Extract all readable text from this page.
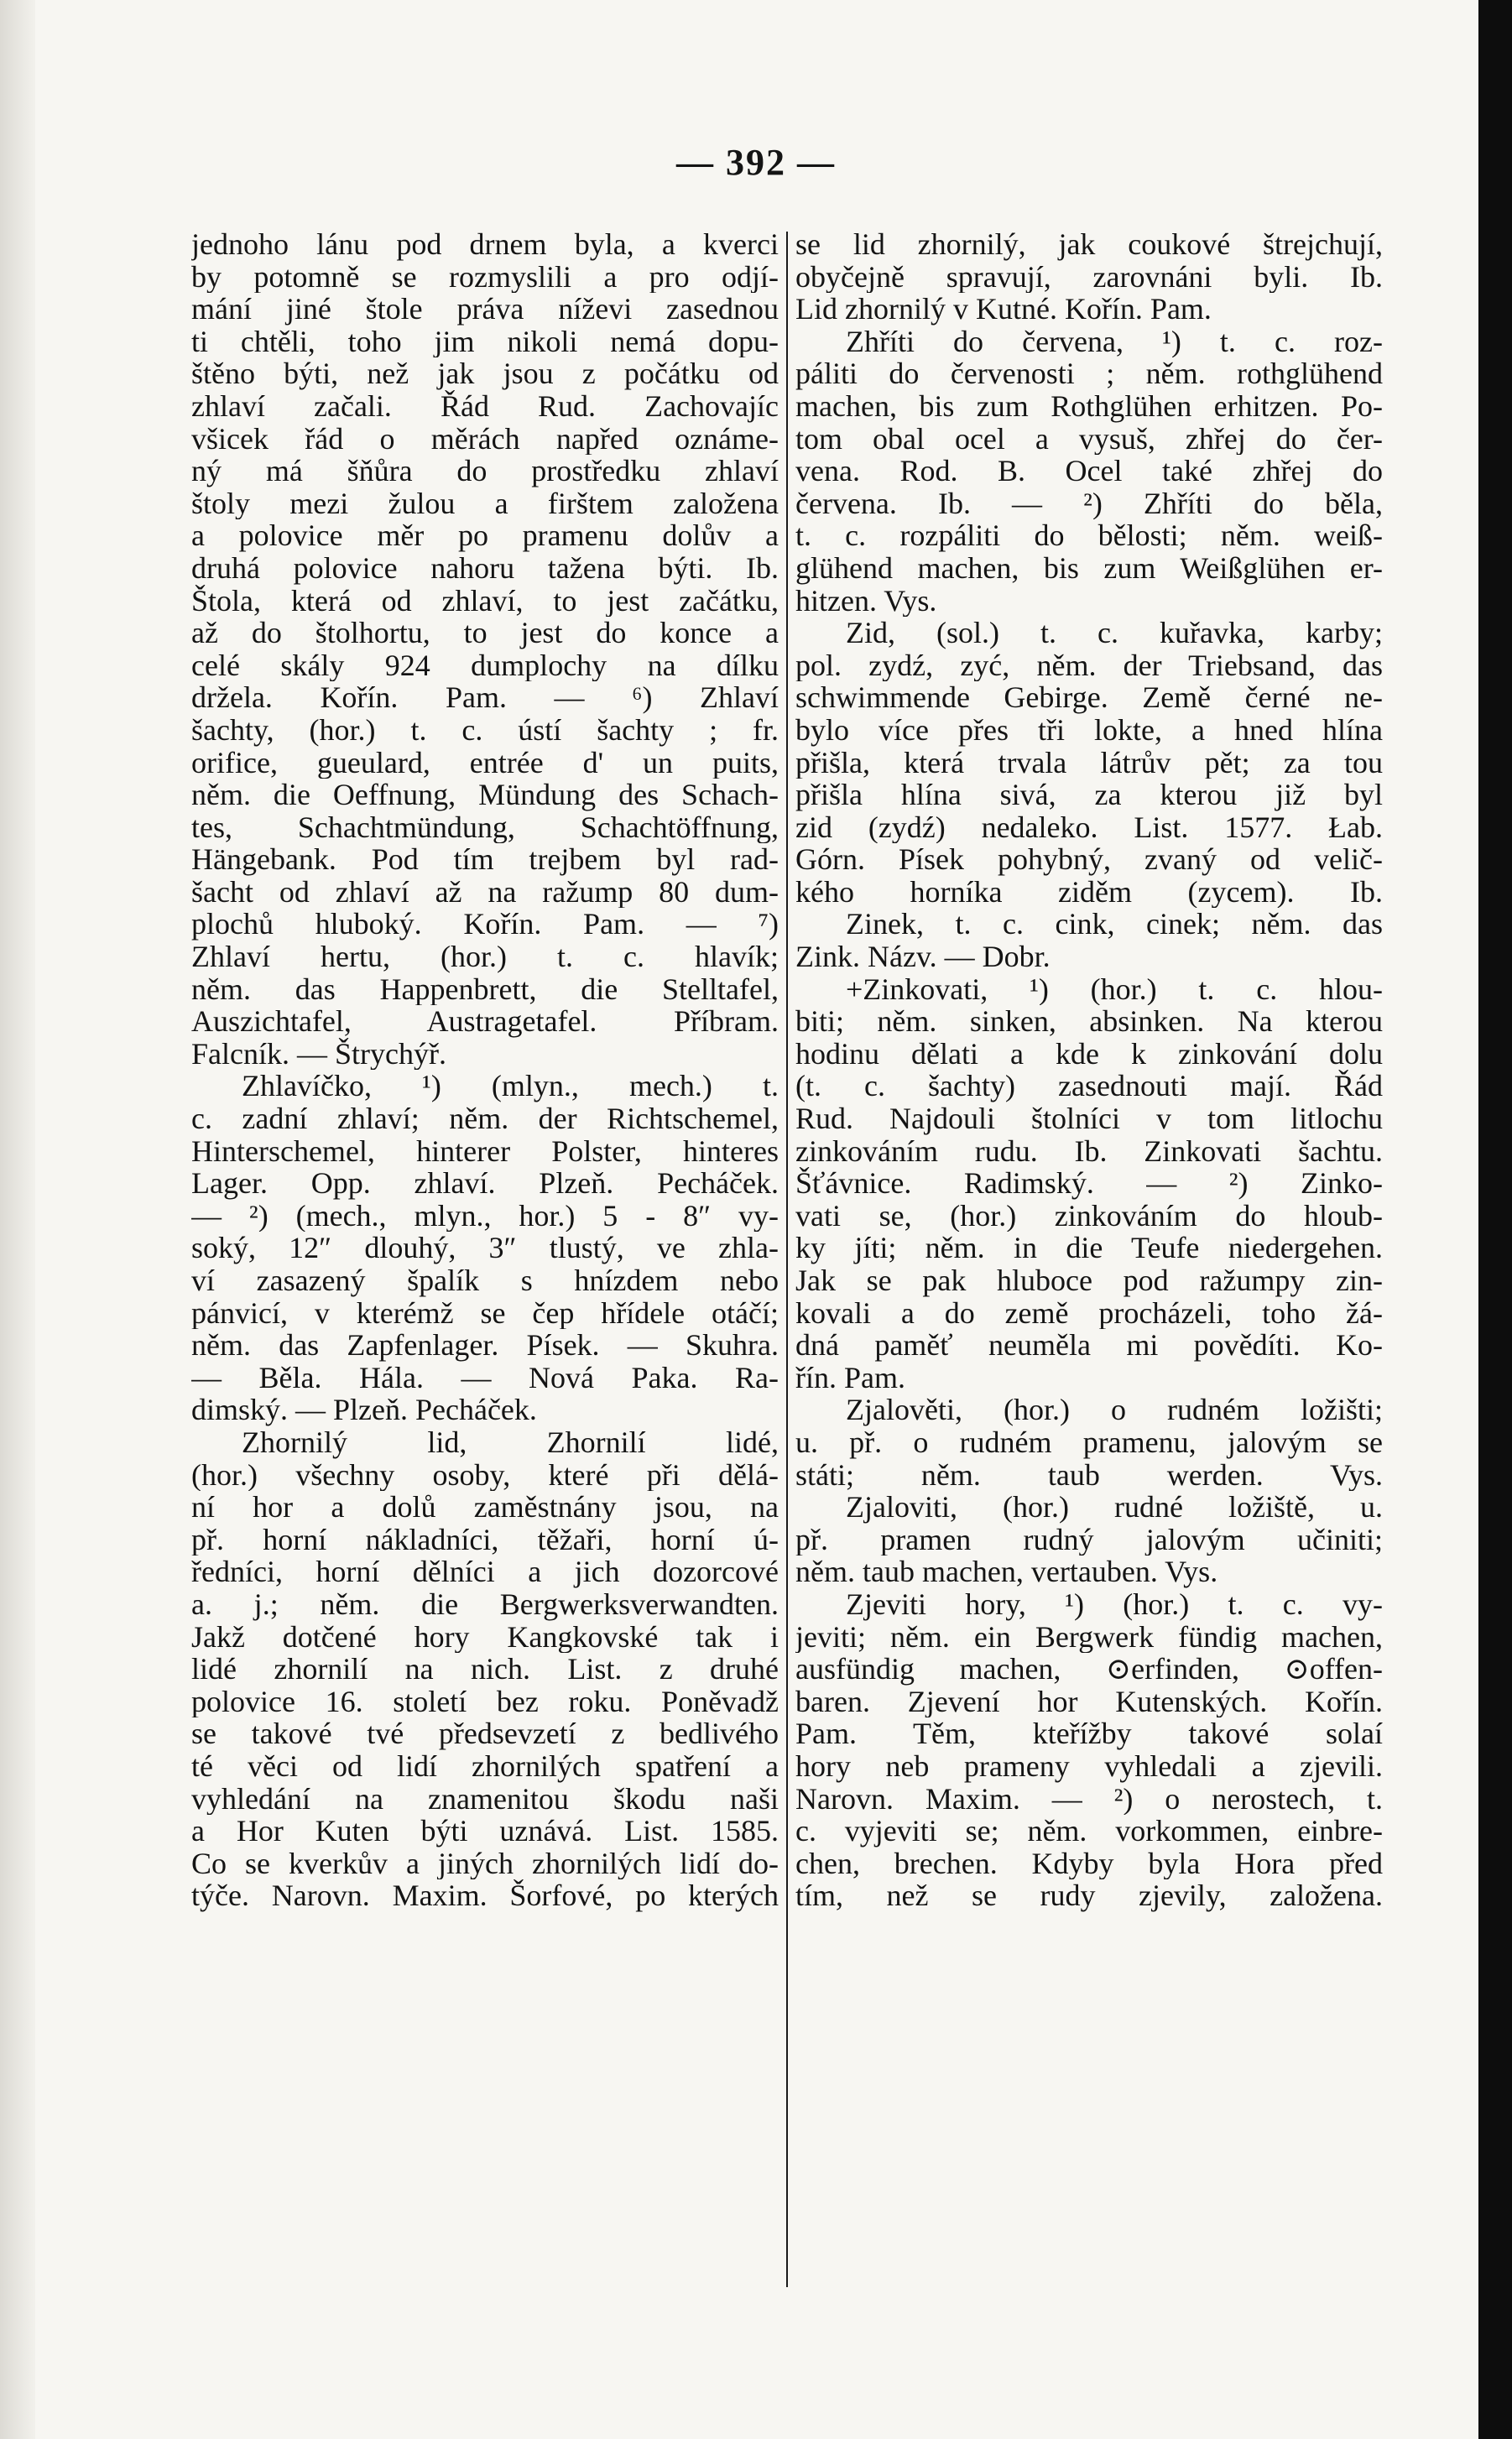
— 392 —
jednoho lánu pod drnem byla, a kverci
by potomně se rozmyslili a pro odjí-
mání jiné štole práva níževi zasednou
ti chtěli, toho jim nikoli nemá dopu-
štěno býti, než jak jsou z počátku od
zhlaví začali. Řád Rud. Zachovajíc
všicek řád o měrách napřed oznáme-
ný má šňůra do prostředku zhlaví
štoly mezi žulou a firštem založena
a polovice měr po pramenu dolův a
druhá polovice nahoru tažena býti. Ib.
Štola, která od zhlaví, to jest začátku,
až do štolhortu, to jest do konce a
celé skály 924 dumplochy na dílku
držela. Kořín. Pam. — ⁶) Zhlaví
šachty, (hor.) t. c. ústí šachty ; fr.
orifice, gueulard, entrée d' un puits,
něm. die Oeffnung, Mündung des Schach-
tes, Schachtmündung, Schachtöffnung,
Hängebank. Pod tím trejbem byl rad-
šacht od zhlaví až na ražump 80 dum-
plochů hluboký. Kořín. Pam. — ⁷)
Zhlaví hertu, (hor.) t. c. hlavík;
něm. das Happenbrett, die Stelltafel,
Auszichtafel, Austragetafel. Příbram.
Falcník. — Štrychýř.
Zhlavíčko, ¹) (mlyn., mech.) t.
c. zadní zhlaví; něm. der Richtschemel,
Hinterschemel, hinterer Polster, hinteres
Lager. Opp. zhlaví. Plzeň. Pecháček.
— ²) (mech., mlyn., hor.) 5 - 8″ vy-
soký, 12″ dlouhý, 3″ tlustý, ve zhla-
ví zasazený špalík s hnízdem nebo
pánvicí, v kterémž se čep hřídele otáčí;
něm. das Zapfenlager. Písek. — Skuhra.
— Běla. Hála. — Nová Paka. Ra-
dimský. — Plzeň. Pecháček.
Zhornilý lid, Zhornilí lidé,
(hor.) všechny osoby, které při dělá-
ní hor a dolů zaměstnány jsou, na
př. horní nákladníci, těžaři, horní ú-
ředníci, horní dělníci a jich dozorcové
a. j.; něm. die Bergwerksverwandten.
Jakž dotčené hory Kangkovské tak i
lidé zhornilí na nich. List. z druhé
polovice 16. století bez roku. Poněvadž
se takové tvé předsevzetí z bedlivého
té věci od lidí zhornilých spatření a
vyhledání na znamenitou škodu naši
a Hor Kuten býti uznává. List. 1585.
Co se kverkův a jiných zhornilých lidí do-
týče. Narovn. Maxim. Šorfové, po kterých
se lid zhornilý, jak coukové štrejchují,
obyčejně spravují, zarovnáni byli. Ib.
Lid zhornilý v Kutné. Kořín. Pam.
Zhříti do červena, ¹) t. c. roz-
páliti do červenosti ; něm. rothglühend
machen, bis zum Rothglühen erhitzen. Po-
tom obal ocel a vysuš, zhřej do čer-
vena. Rod. B. Ocel také zhřej do
červena. Ib. — ²) Zhříti do běla,
t. c. rozpáliti do bělosti; něm. weiß-
glühend machen, bis zum Weißglühen er-
hitzen. Vys.
Zid, (sol.) t. c. kuřavka, karby;
pol. zydź, zyć, něm. der Triebsand, das
schwimmende Gebirge. Země černé ne-
bylo více přes tři lokte, a hned hlína
přišla, která trvala látrův pět; za tou
přišla hlína sivá, za kterou již byl
zid (zydź) nedaleko. List. 1577. Łab.
Górn. Písek pohybný, zvaný od velič-
kého horníka ziděm (zycem). Ib.
Zinek, t. c. cink, cinek; něm. das
Zink. Názv. — Dobr.
+Zinkovati, ¹) (hor.) t. c. hlou-
biti; něm. sinken, absinken. Na kterou
hodinu dělati a kde k zinkování dolu
(t. c. šachty) zasednouti mají. Řád
Rud. Najdouli štolníci v tom litlochu
zinkováním rudu. Ib. Zinkovati šachtu.
Šťávnice. Radimský. — ²) Zinko-
vati se, (hor.) zinkováním do hloub-
ky jíti; něm. in die Teufe niedergehen.
Jak se pak hluboce pod ražumpy zin-
kovali a do země procházeli, toho žá-
dná paměť neuměla mi povědíti. Ko-
řín. Pam.
Zjalověti, (hor.) o rudném ložišti;
u. př. o rudném pramenu, jalovým se
státi; něm. taub werden. Vys.
Zjaloviti, (hor.) rudné ložiště, u.
př. pramen rudný jalovým učiniti;
něm. taub machen, vertauben. Vys.
Zjeviti hory, ¹) (hor.) t. c. vy-
jeviti; něm. ein Bergwerk fündig machen,
ausfündig machen, ⊙erfinden, ⊙offen-
baren. Zjevení hor Kutenských. Kořín.
Pam. Těm, kteřížby takové solaí
hory neb prameny vyhledali a zjevili.
Narovn. Maxim. — ²) o nerostech, t.
c. vyjeviti se; něm. vorkommen, einbre-
chen, brechen. Kdyby byla Hora před
tím, než se rudy zjevily, založena.
